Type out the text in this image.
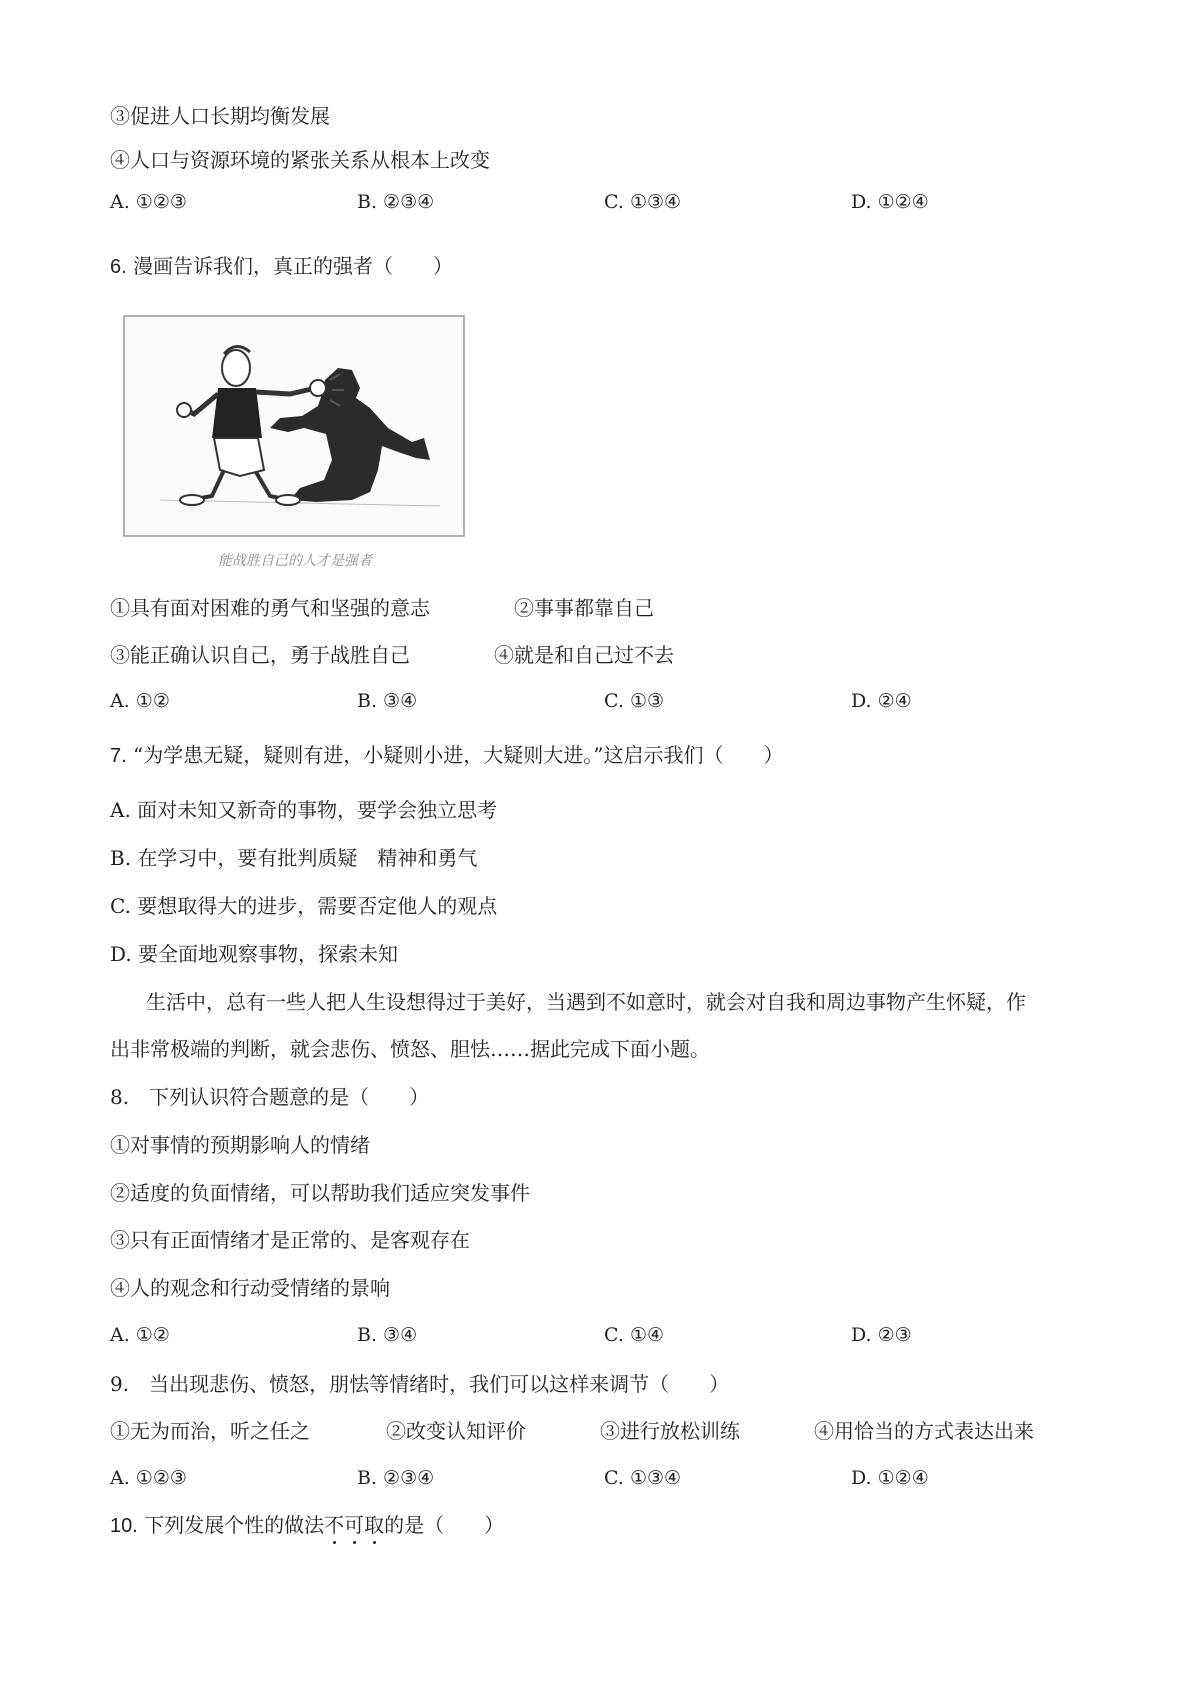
③促进人口长期均衡发展
④人口与资源环境的紧张关系从根本上改变
A. ①②③	B. ②③④	C. ①③④	D. ①②④
6. 漫画告诉我们，真正的强者（　　）
能战胜自己的人才是强者
①具有面对困难的勇气和坚强的意志	②事事都靠自己
③能正确认识自己，勇于战胜自己	④就是和自己过不去
A. ①②	B. ③④	C. ①③	D. ②④
7. “为学患无疑，疑则有进，小疑则小进，大疑则大进。”这启示我们（　　）
A. 面对未知又新奇的事物，要学会独立思考
B. 在学习中，要有批判质疑　精神和勇气
C. 要想取得大的进步，需要否定他人的观点
D. 要全面地观察事物，探索未知
生活中，总有一些人把人生设想得过于美好，当遇到不如意时，就会对自我和周边事物产生怀疑，作
出非常极端的判断，就会悲伤、愤怒、胆怯……据此完成下面小题。
8.　下列认识符合题意的是（　　）
①对事情的预期影响人的情绪
②适度的负面情绪，可以帮助我们适应突发事件
③只有正面情绪才是正常的、是客观存在
④人的观念和行动受情绪的景响
A. ①②	B. ③④	C. ①④	D. ②③
9.　当出现悲伤、愤怒，朋怯等情绪时，我们可以这样来调节（　　）
①无为而治，听之任之	②改变认知评价	③进行放松训练	④用恰当的方式表达出来
A. ①②③	B. ②③④	C. ①③④	D. ①②④
10. 下列发展个性的做法不
可
取
的是（　　）
